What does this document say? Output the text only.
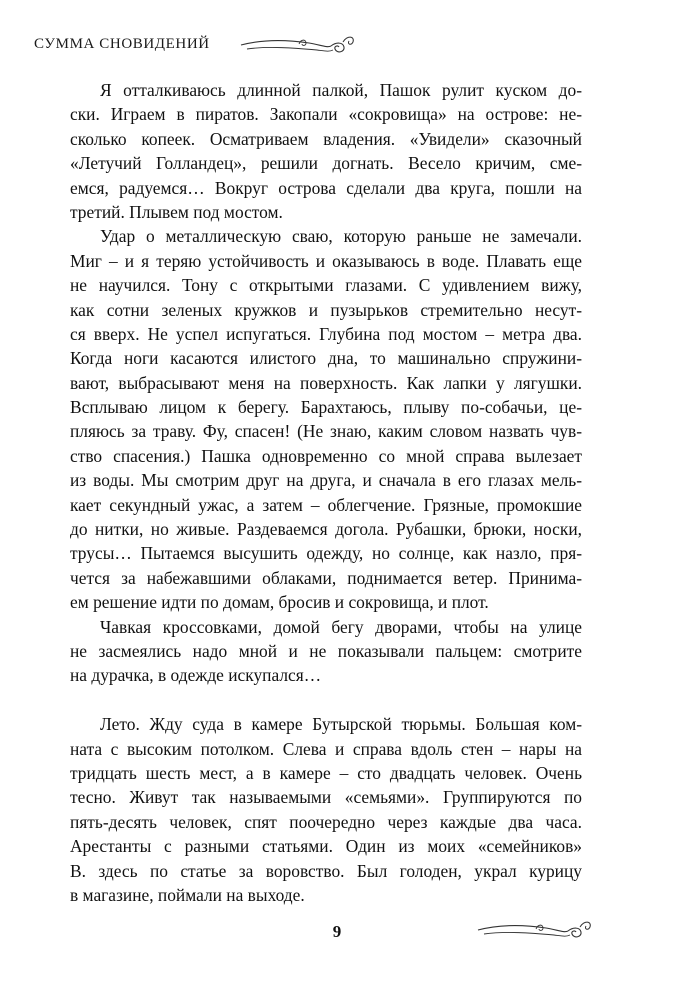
СУММА СНОВИДЕНИЙ
Я отталкиваюсь длинной палкой, Пашок рулит куском до-
ски. Играем в пиратов. Закопали «сокровища» на острове: не-
сколько копеек. Осматриваем владения. «Увидели» сказочный
«Летучий Голландец», решили догнать. Весело кричим, сме-
емся, радуемся… Вокруг острова сделали два круга, пошли на
третий. Плывем под мостом.
Удар о металлическую сваю, которую раньше не замечали.
Миг – и я теряю устойчивость и оказываюсь в воде. Плавать еще
не научился. Тону с открытыми глазами. С удивлением вижу,
как сотни зеленых кружков и пузырьков стремительно несут-
ся вверх. Не успел испугаться. Глубина под мостом – метра два.
Когда ноги касаются илистого дна, то машинально спружини-
вают, выбрасывают меня на поверхность. Как лапки у лягушки.
Всплываю лицом к берегу. Барахтаюсь, плыву по-собачьи, це-
пляюсь за траву. Фу, спасен! (Не знаю, каким словом назвать чув-
ство спасения.) Пашка одновременно со мной справа вылезает
из воды. Мы смотрим друг на друга, и сначала в его глазах мель-
кает секундный ужас, а затем – облегчение. Грязные, промокшие
до нитки, но живые. Раздеваемся догола. Рубашки, брюки, носки,
трусы… Пытаемся высушить одежду, но солнце, как назло, пря-
чется за набежавшими облаками, поднимается ветер. Принима-
ем решение идти по домам, бросив и сокровища, и плот.
Чавкая кроссовками, домой бегу дворами, чтобы на улице
не засмеялись надо мной и не показывали пальцем: смотрите
на дурачка, в одежде искупался…
Лето. Жду суда в камере Бутырской тюрьмы. Большая ком-
ната с высоким потолком. Слева и справа вдоль стен – нары на
тридцать шесть мест, а в камере – сто двадцать человек. Очень
тесно. Живут так называемыми «семьями». Группируются по
пять-десять человек, спят поочередно через каждые два часа.
Арестанты с разными статьями. Один из моих «семейников»
В. здесь по статье за воровство. Был голоден, украл курицу
в магазине, поймали на выходе.
9
